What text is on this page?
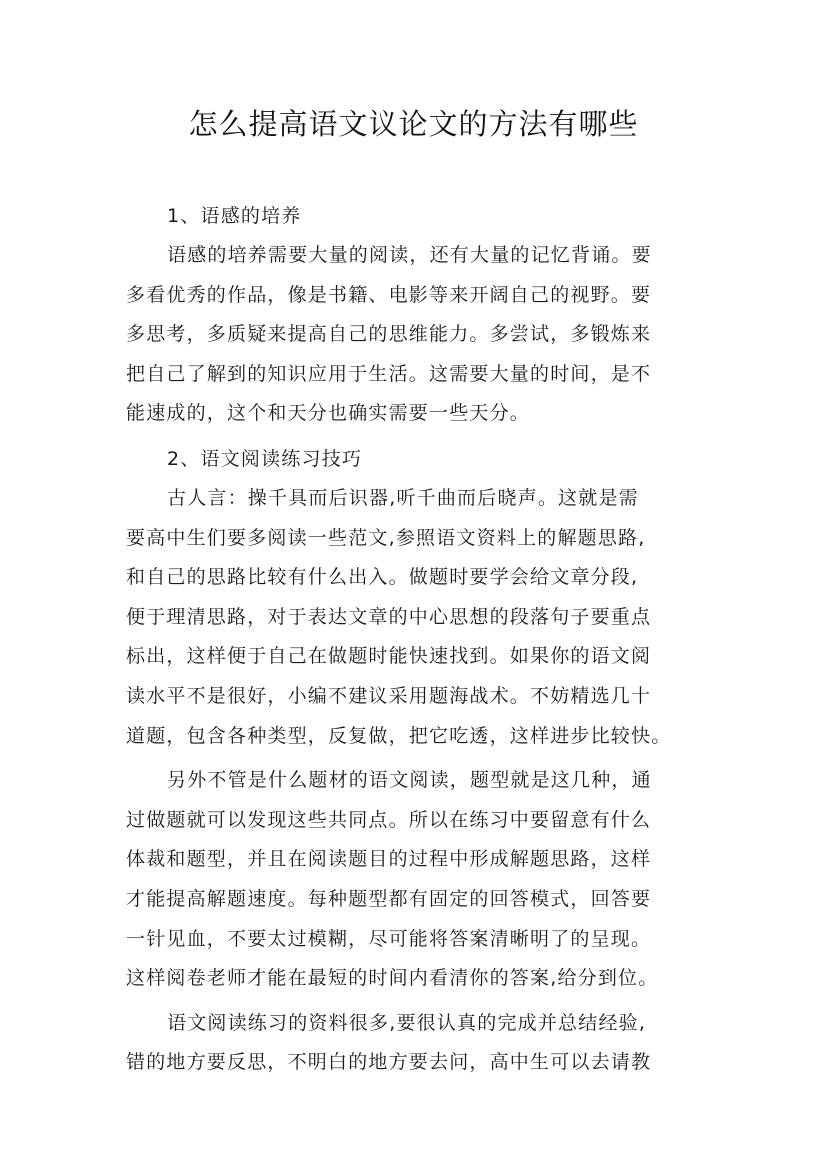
怎么提高语文议论文的方法有哪些

1、语感的培养

语感的培养需要大量的阅读，还有大量的记忆背诵。要
多看优秀的作品，像是书籍、电影等来开阔自己的视野。要
多思考，多质疑来提高自己的思维能力。多尝试，多锻炼来
把自己了解到的知识应用于生活。这需要大量的时间，是不
能速成的，这个和天分也确实需要一些天分。

2、语文阅读练习技巧

古人言：操千具而后识器,听千曲而后晓声。这就是需
要高中生们要多阅读一些范文,参照语文资料上的解题思路,
和自己的思路比较有什么出入。做题时要学会给文章分段,
便于理清思路，对于表达文章的中心思想的段落句子要重点
标出，这样便于自己在做题时能快速找到。如果你的语文阅
读水平不是很好，小编不建议采用题海战术。不妨精选几十
道题，包含各种类型，反复做，把它吃透，这样进步比较快。
另外不管是什么题材的语文阅读，题型就是这几种，通
过做题就可以发现这些共同点。所以在练习中要留意有什么
体裁和题型，并且在阅读题目的过程中形成解题思路，这样
才能提高解题速度。每种题型都有固定的回答模式，回答要
一针见血，不要太过模糊，尽可能将答案清晰明了的呈现。
这样阅卷老师才能在最短的时间内看清你的答案,给分到位。
语文阅读练习的资料很多,要很认真的完成并总结经验,
错的地方要反思，不明白的地方要去问，高中生可以去请教
